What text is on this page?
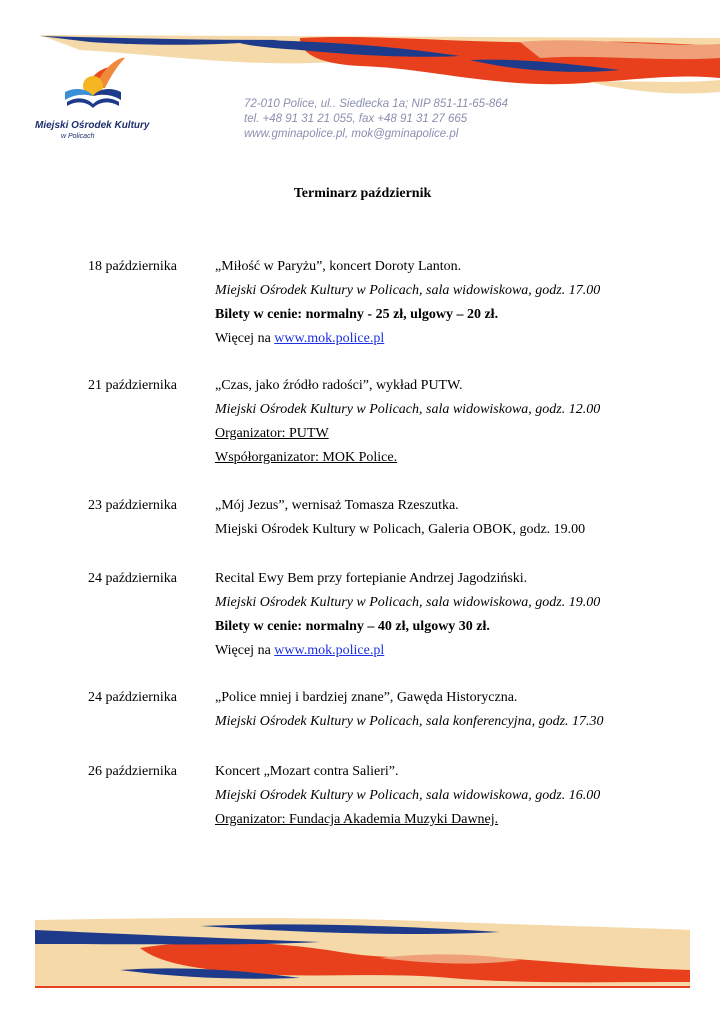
Miejski Ośrodek Kultury
w Policach
72-010 Police, ul.. Siedlecka 1a; NIP 851-11-65-864
tel. +48 91 31 21 055, fax +48 91 31 27 665
www.gminapolice.pl, mok@gminapolice.pl
Terminarz październik
18 października	„Miłość w Paryżu”, koncert Doroty Lanton.
Miejski Ośrodek Kultury w Policach, sala widowiskowa, godz. 17.00
Bilety w cenie: normalny - 25 zł, ulgowy – 20 zł.
Więcej na www.mok.police.pl
21 października	„Czas, jako źródło radości”, wykład PUTW.
Miejski Ośrodek Kultury w Policach, sala widowiskowa, godz. 12.00
Organizator: PUTW
Współorganizator: MOK Police.
23 października	„Mój Jezus”, wernisaż Tomasza Rzeszutka.
Miejski Ośrodek Kultury w Policach, Galeria OBOK, godz. 19.00
24 października	Recital Ewy Bem przy fortepianie Andrzej Jagodziński.
Miejski Ośrodek Kultury w Policach, sala widowiskowa, godz. 19.00
Bilety w cenie: normalny – 40 zł, ulgowy 30 zł.
Więcej na www.mok.police.pl
24 października	„Police mniej i bardziej znane”, Gawęda Historyczna.
Miejski Ośrodek Kultury w Policach, sala konferencyjna, godz. 17.30
26 października	Koncert „Mozart contra Salieri”.
Miejski Ośrodek Kultury w Policach, sala widowiskowa, godz. 16.00
Organizator: Fundacja Akademia Muzyki Dawnej.
